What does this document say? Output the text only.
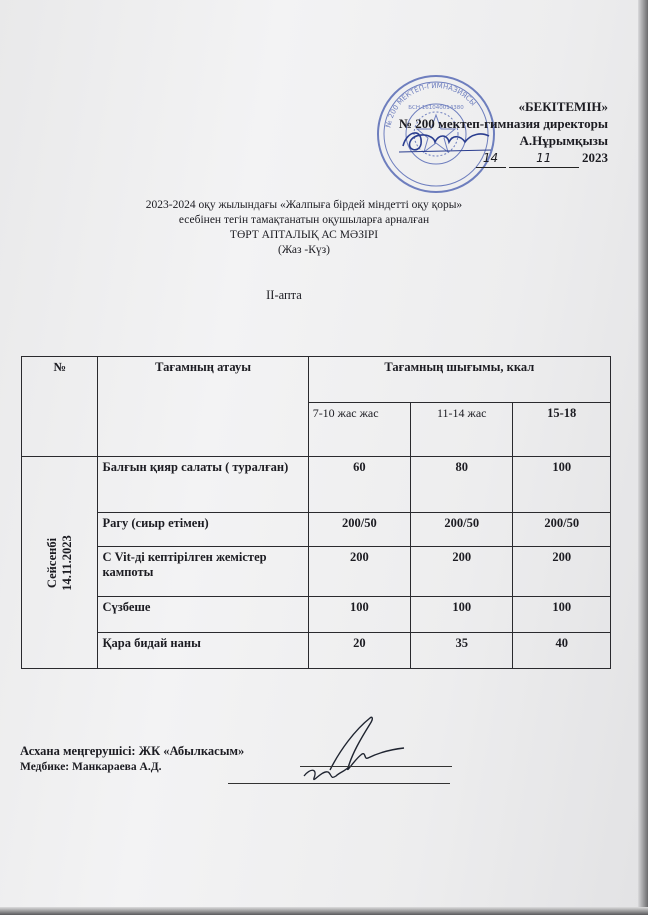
№ 200 МЕКТЕП-ГИМНАЗИЯСЫ
БСН 161040014380	«БЕКІТЕМІН»
№ 200 мектеп-гимназия директоры
А.Нұрымқызы
14	11 2023
2023-2024 оқу жылындағы «Жалпыға бірдей міндетті оқу қоры»
есебінен тегін тамақтанатын оқушыларға арналған
ТӨРТ АПТАЛЫҚ АС МӘЗІРІ
(Жаз -Күз)
ІІ-апта
№	Тағамның атауы	Тағамның шығымы, ккал		
		7-10 жас жас	11-14 жас	15-18
Сейсенбі
14.11.2023	Балғын қияр салаты ( туралған)	60	80	100
	Рагу (сиыр етімен)	200/50	200/50	200/50
	С Vit-ді кептірілген жемістер кампоты	200	200	200
	Сүзбеше	100	100	100
	Қара бидай наны	20	35	40
Асхана меңгерушісі: ЖК «Абылкасым»
Медбике: Манкараева А.Д.
